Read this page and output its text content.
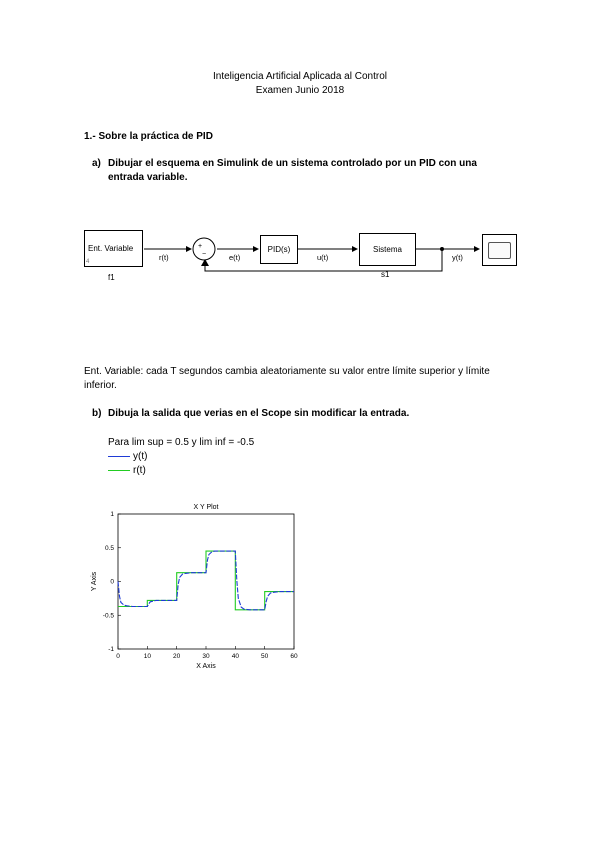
Inteligencia Artificial Aplicada al Control
Examen Junio 2018
1.- Sobre la práctica de PID
a) Dibujar el esquema en Simulink de un sistema controlado por un PID con una
entrada variable.
Ent. Variable
4
f1
+
−
PID(s)	Sistema
s1
r(t)	e(t)	u(t)	y(t)
Ent. Variable: cada T segundos cambia aleatoriamente su valor entre límite superior y límite
inferior.
b) Dibuja la salida que verias en el Scope sin modificar la entrada.
Para lim sup = 0.5 y lim inf = -0.5
y(t)
r(t)
X Y Plot
X Axis
Y Axis
0	10	20	30	40	50	60
1
0.5
0
-0.5
-1
